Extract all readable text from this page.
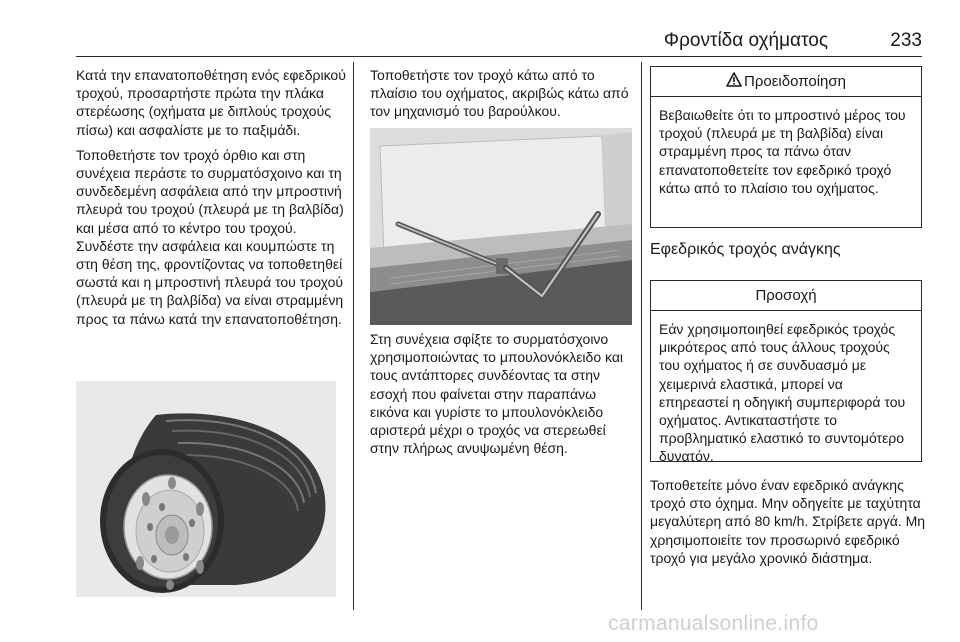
Φροντίδα οχήματος	233

Κατά την επανατοποθέτηση ενός εφεδρικού τροχού, προσαρτήστε πρώτα την πλάκα στερέωσης (οχήματα με διπλούς τροχούς πίσω) και ασφαλίστε με το παξιμάδι.

Τοποθετήστε τον τροχό όρθιο και στη συνέχεια περάστε το συρματόσχοινο και τη συνδεδεμένη ασφάλεια από την μπροστινή πλευρά του τροχού (πλευρά με τη βαλβίδα) και μέσα από το κέντρο του τροχού. Συνδέστε την ασφάλεια και κουμπώστε τη στη θέση της, φροντίζοντας να τοποθετηθεί σωστά και η μπροστινή πλευρά του τροχού (πλευρά με τη βαλβίδα) να είναι στραμμένη προς τα πάνω κατά την επανατοποθέτηση.

Τοποθετήστε τον τροχό κάτω από το πλαίσιο του οχήματος, ακριβώς κάτω από τον μηχανισμό του βαρούλκου.

Στη συνέχεια σφίξτε το συρματόσχοινο χρησιμοποιώντας το μπουλονόκλειδο και τους αντάπτορες συνδέοντας τα στην εσοχή που φαίνεται στην παραπάνω εικόνα και γυρίστε το μπουλονόκλειδο αριστερά μέχρι ο τροχός να στερεωθεί στην πλήρως ανυψωμένη θέση.

Προειδοποίηση
Βεβαιωθείτε ότι το μπροστινό μέρος του τροχού (πλευρά με τη βαλβίδα) είναι στραμμένη προς τα πάνω όταν επανατοποθετείτε τον εφεδρικό τροχό κάτω από το πλαίσιο του οχήματος.
Εφεδρικός τροχός ανάγκης
Προσοχή
Εάν χρησιμοποιηθεί εφεδρικός τροχός μικρότερος από τους άλλους τροχούς του οχήματος ή σε συνδυασμό με χειμερινά ελαστικά, μπορεί να επηρεαστεί η οδηγική συμπεριφορά του οχήματος. Αντικαταστήστε το προβληματικό ελαστικό το συντομότερο δυνατόν.

Τοποθετείτε μόνο έναν εφεδρικό ανάγκης τροχό στο όχημα. Μην οδηγείτε με ταχύτητα μεγαλύτερη από 80 km/h. Στρίβετε αργά. Μη χρησιμοποιείτε τον προσωρινό εφεδρικό τροχό για μεγάλο χρονικό διάστημα.

carmanualsonline.info
